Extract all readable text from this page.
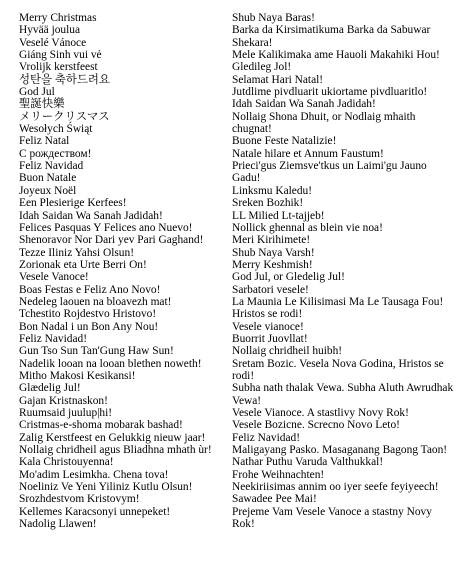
Merry Christmas
Hyvää joulua
Veselé Vánoce
Giáng Sinh vui vẻ
Vrolijk kerstfeest
성탄을 축하드려요
God Jul
聖誕快樂
メリークリスマス
Wesołych Świąt
Feliz Natal
С рождеством!
Feliz Navidad
Buon Natale
Joyeux Noël
Een Plesierige Kerfees!
Idah Saidan Wa Sanah Jadidah!
Felices Pasquas Y Felices ano Nuevo!
Shenoravor Nor Dari yev Pari Gaghand!
Tezze Iliniz Yahsi Olsun!
Zorionak eta Urte Berri On!
Vesele Vanoce!
Boas Festas e Feliz Ano Novo!
Nedeleg laouen na bloavezh mat!
Tchestito Rojdestvo Hristovo!
Bon Nadal i un Bon Any Nou!
Feliz Navidad!
Gun Tso Sun Tan'Gung Haw Sun!
Nadelik looan na looan blethen noweth!
Mitho Makosi Kesikansi!
Glædelig Jul!
Gajan Kristnaskon!
Ruumsaid juulup|hi!
Cristmas-e-shoma mobarak bashad!
Zalig Kerstfeest en Gelukkig nieuw jaar!
Nollaig chridheil agus Bliadhna mhath ùr!
Kala Christouyenna!
Mo'adim Lesimkha. Chena tova!
Noeliniz Ve Yeni Yiliniz Kutlu Olsun!
Srozhdestvom Kristovym!
Kellemes Karacsonyi unnepeket!
Nadolig Llawen!
Shub Naya Baras!
Barka da Kirsimatikuma Barka da Sabuwar Shekara!
Mele Kalikimaka ame Hauoli Makahiki Hou!
Gledileg Jol!
Selamat Hari Natal!
Jutdlime pivdluarit ukiortame pivdluaritlo!
Idah Saidan Wa Sanah Jadidah!
Nollaig Shona Dhuit, or Nodlaig mhaith chugnat!
Buone Feste Natalizie!
Natale hilare et Annum Faustum!
Prieci'gus Ziemsve'tkus un Laimi'gu Jauno Gadu!
Linksmu Kaledu!
Sreken Bozhik!
LL Milied Lt-tajjeb!
Nollick ghennal as blein vie noa!
Meri Kirihimete!
Shub Naya Varsh!
Merry Keshmish!
God Jul, or Gledelig Jul!
Sarbatori vesele!
La Maunia Le Kilisimasi Ma Le Tausaga Fou!
Hristos se rodi!
Vesele vianoce!
Buorrit Juovllat!
Nollaig chridheil huibh!
Sretam Bozic. Vesela Nova Godina, Hristos se rodi!
Subha nath thalak Vewa. Subha Aluth Awrudhak Vewa!
Vesele Vianoce. A stastlivy Novy Rok!
Vesele Bozicne. Screcno Novo Leto!
Feliz Navidad!
Maligayang Pasko. Masaganang Bagong Taon!
Nathar Puthu Varuda Valthukkal!
Frohe Weihnachten!
Neekiriisimas annim oo iyer seefe feyiyeech!
Sawadee Pee Mai!
Prejeme Vam Vesele Vanoce a stastny Novy Rok!
